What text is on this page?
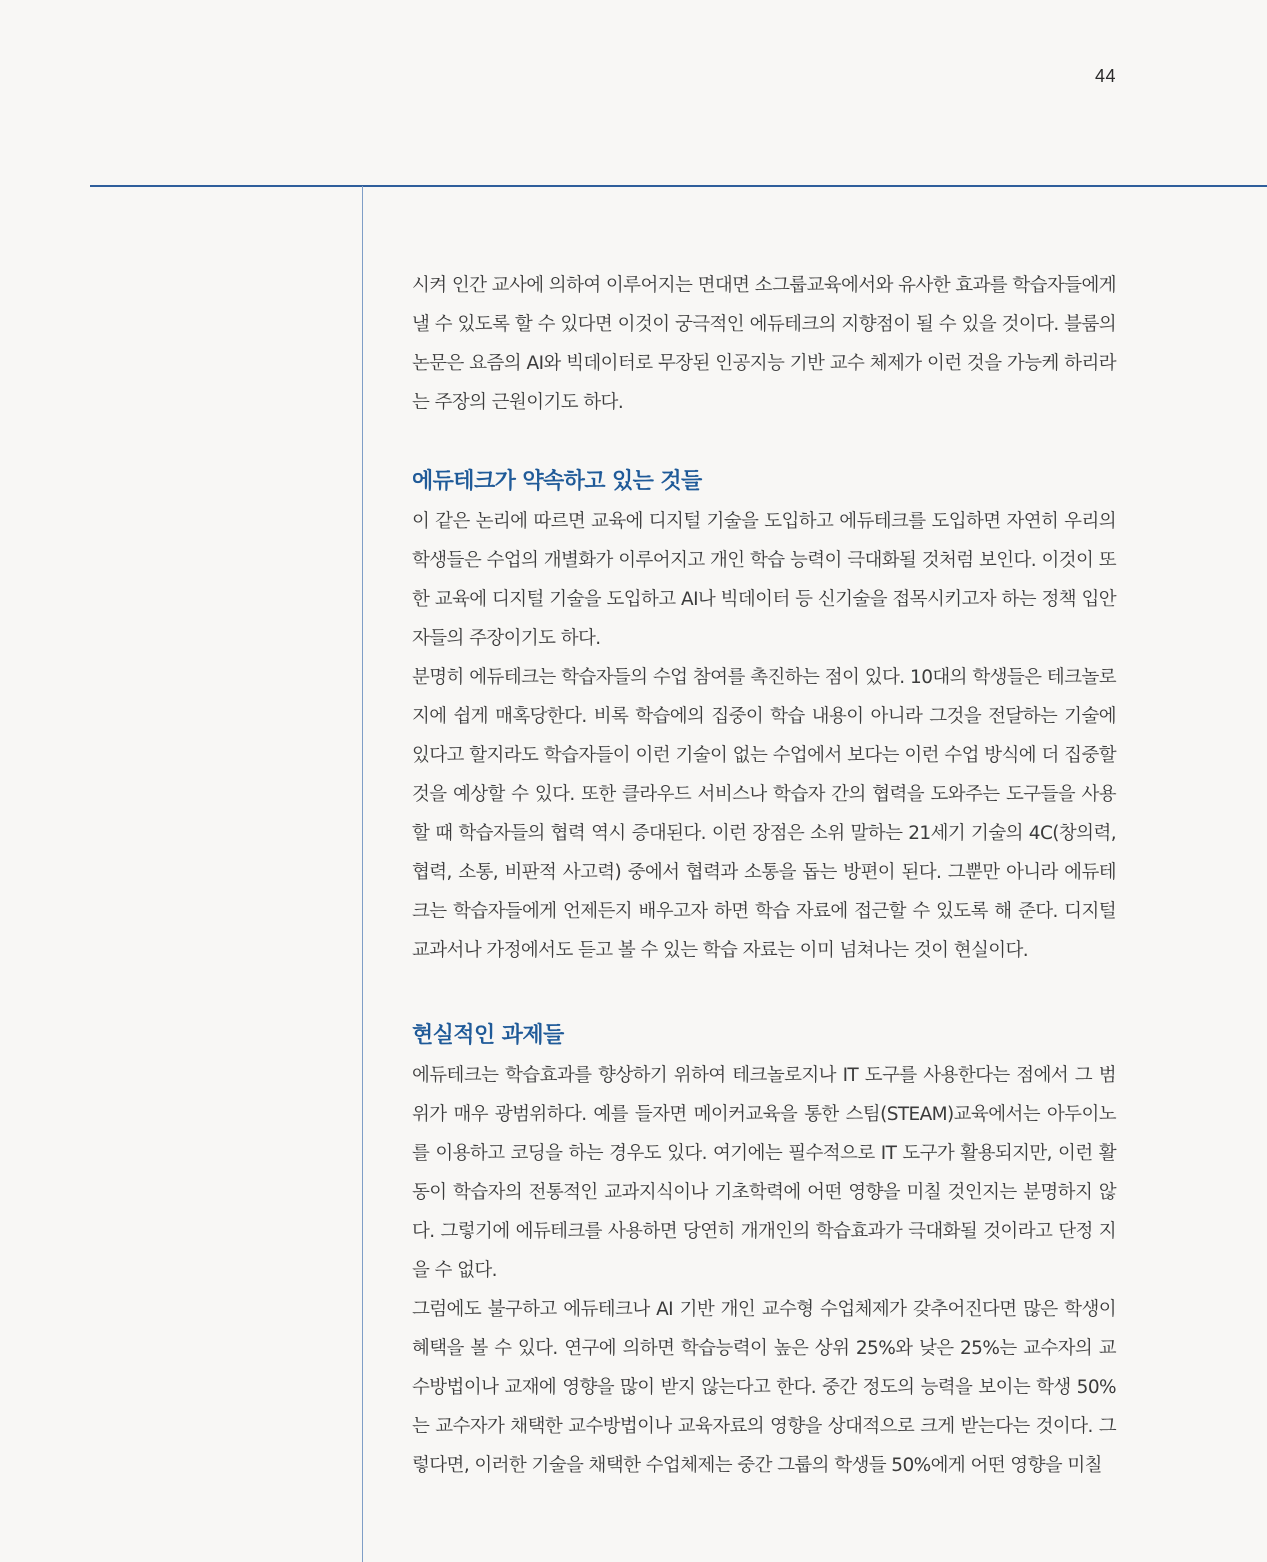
44

시켜 인간 교사에 의하여 이루어지는 면대면 소그룹교육에서와 유사한 효과를 학습자들에게 낼 수 있도록 할 수 있다면 이것이 궁극적인 에듀테크의 지향점이 될 수 있을 것이다. 블룸의 논문은 요즘의 AI와 빅데이터로 무장된 인공지능 기반 교수 체제가 이런 것을 가능케 하리라는 주장의 근원이기도 하다.

에듀테크가 약속하고 있는 것들

이 같은 논리에 따르면 교육에 디지털 기술을 도입하고 에듀테크를 도입하면 자연히 우리의 학생들은 수업의 개별화가 이루어지고 개인 학습 능력이 극대화될 것처럼 보인다. 이것이 또한 교육에 디지털 기술을 도입하고 AI나 빅데이터 등 신기술을 접목시키고자 하는 정책 입안자들의 주장이기도 하다.

분명히 에듀테크는 학습자들의 수업 참여를 촉진하는 점이 있다. 10대의 학생들은 테크놀로지에 쉽게 매혹당한다. 비록 학습에의 집중이 학습 내용이 아니라 그것을 전달하는 기술에 있다고 할지라도 학습자들이 이런 기술이 없는 수업에서 보다는 이런 수업 방식에 더 집중할 것을 예상할 수 있다. 또한 클라우드 서비스나 학습자 간의 협력을 도와주는 도구들을 사용할 때 학습자들의 협력 역시 증대된다. 이런 장점은 소위 말하는 21세기 기술의 4C(창의력, 협력, 소통, 비판적 사고력) 중에서 협력과 소통을 돕는 방편이 된다. 그뿐만 아니라 에듀테크는 학습자들에게 언제든지 배우고자 하면 학습 자료에 접근할 수 있도록 해 준다. 디지털교과서나 가정에서도 듣고 볼 수 있는 학습 자료는 이미 넘쳐나는 것이 현실이다.

현실적인 과제들

에듀테크는 학습효과를 향상하기 위하여 테크놀로지나 IT 도구를 사용한다는 점에서 그 범위가 매우 광범위하다. 예를 들자면 메이커교육을 통한 스팀(STEAM)교육에서는 아두이노를 이용하고 코딩을 하는 경우도 있다. 여기에는 필수적으로 IT 도구가 활용되지만, 이런 활동이 학습자의 전통적인 교과지식이나 기초학력에 어떤 영향을 미칠 것인지는 분명하지 않다. 그렇기에 에듀테크를 사용하면 당연히 개개인의 학습효과가 극대화될 것이라고 단정 지을 수 없다.

그럼에도 불구하고 에듀테크나 AI 기반 개인 교수형 수업체제가 갖추어진다면 많은 학생이 혜택을 볼 수 있다. 연구에 의하면 학습능력이 높은 상위 25%와 낮은 25%는 교수자의 교수방법이나 교재에 영향을 많이 받지 않는다고 한다. 중간 정도의 능력을 보이는 학생 50%는 교수자가 채택한 교수방법이나 교육자료의 영향을 상대적으로 크게 받는다는 것이다. 그렇다면, 이러한 기술을 채택한 수업체제는 중간 그룹의 학생들 50%에게 어떤 영향을 미칠
